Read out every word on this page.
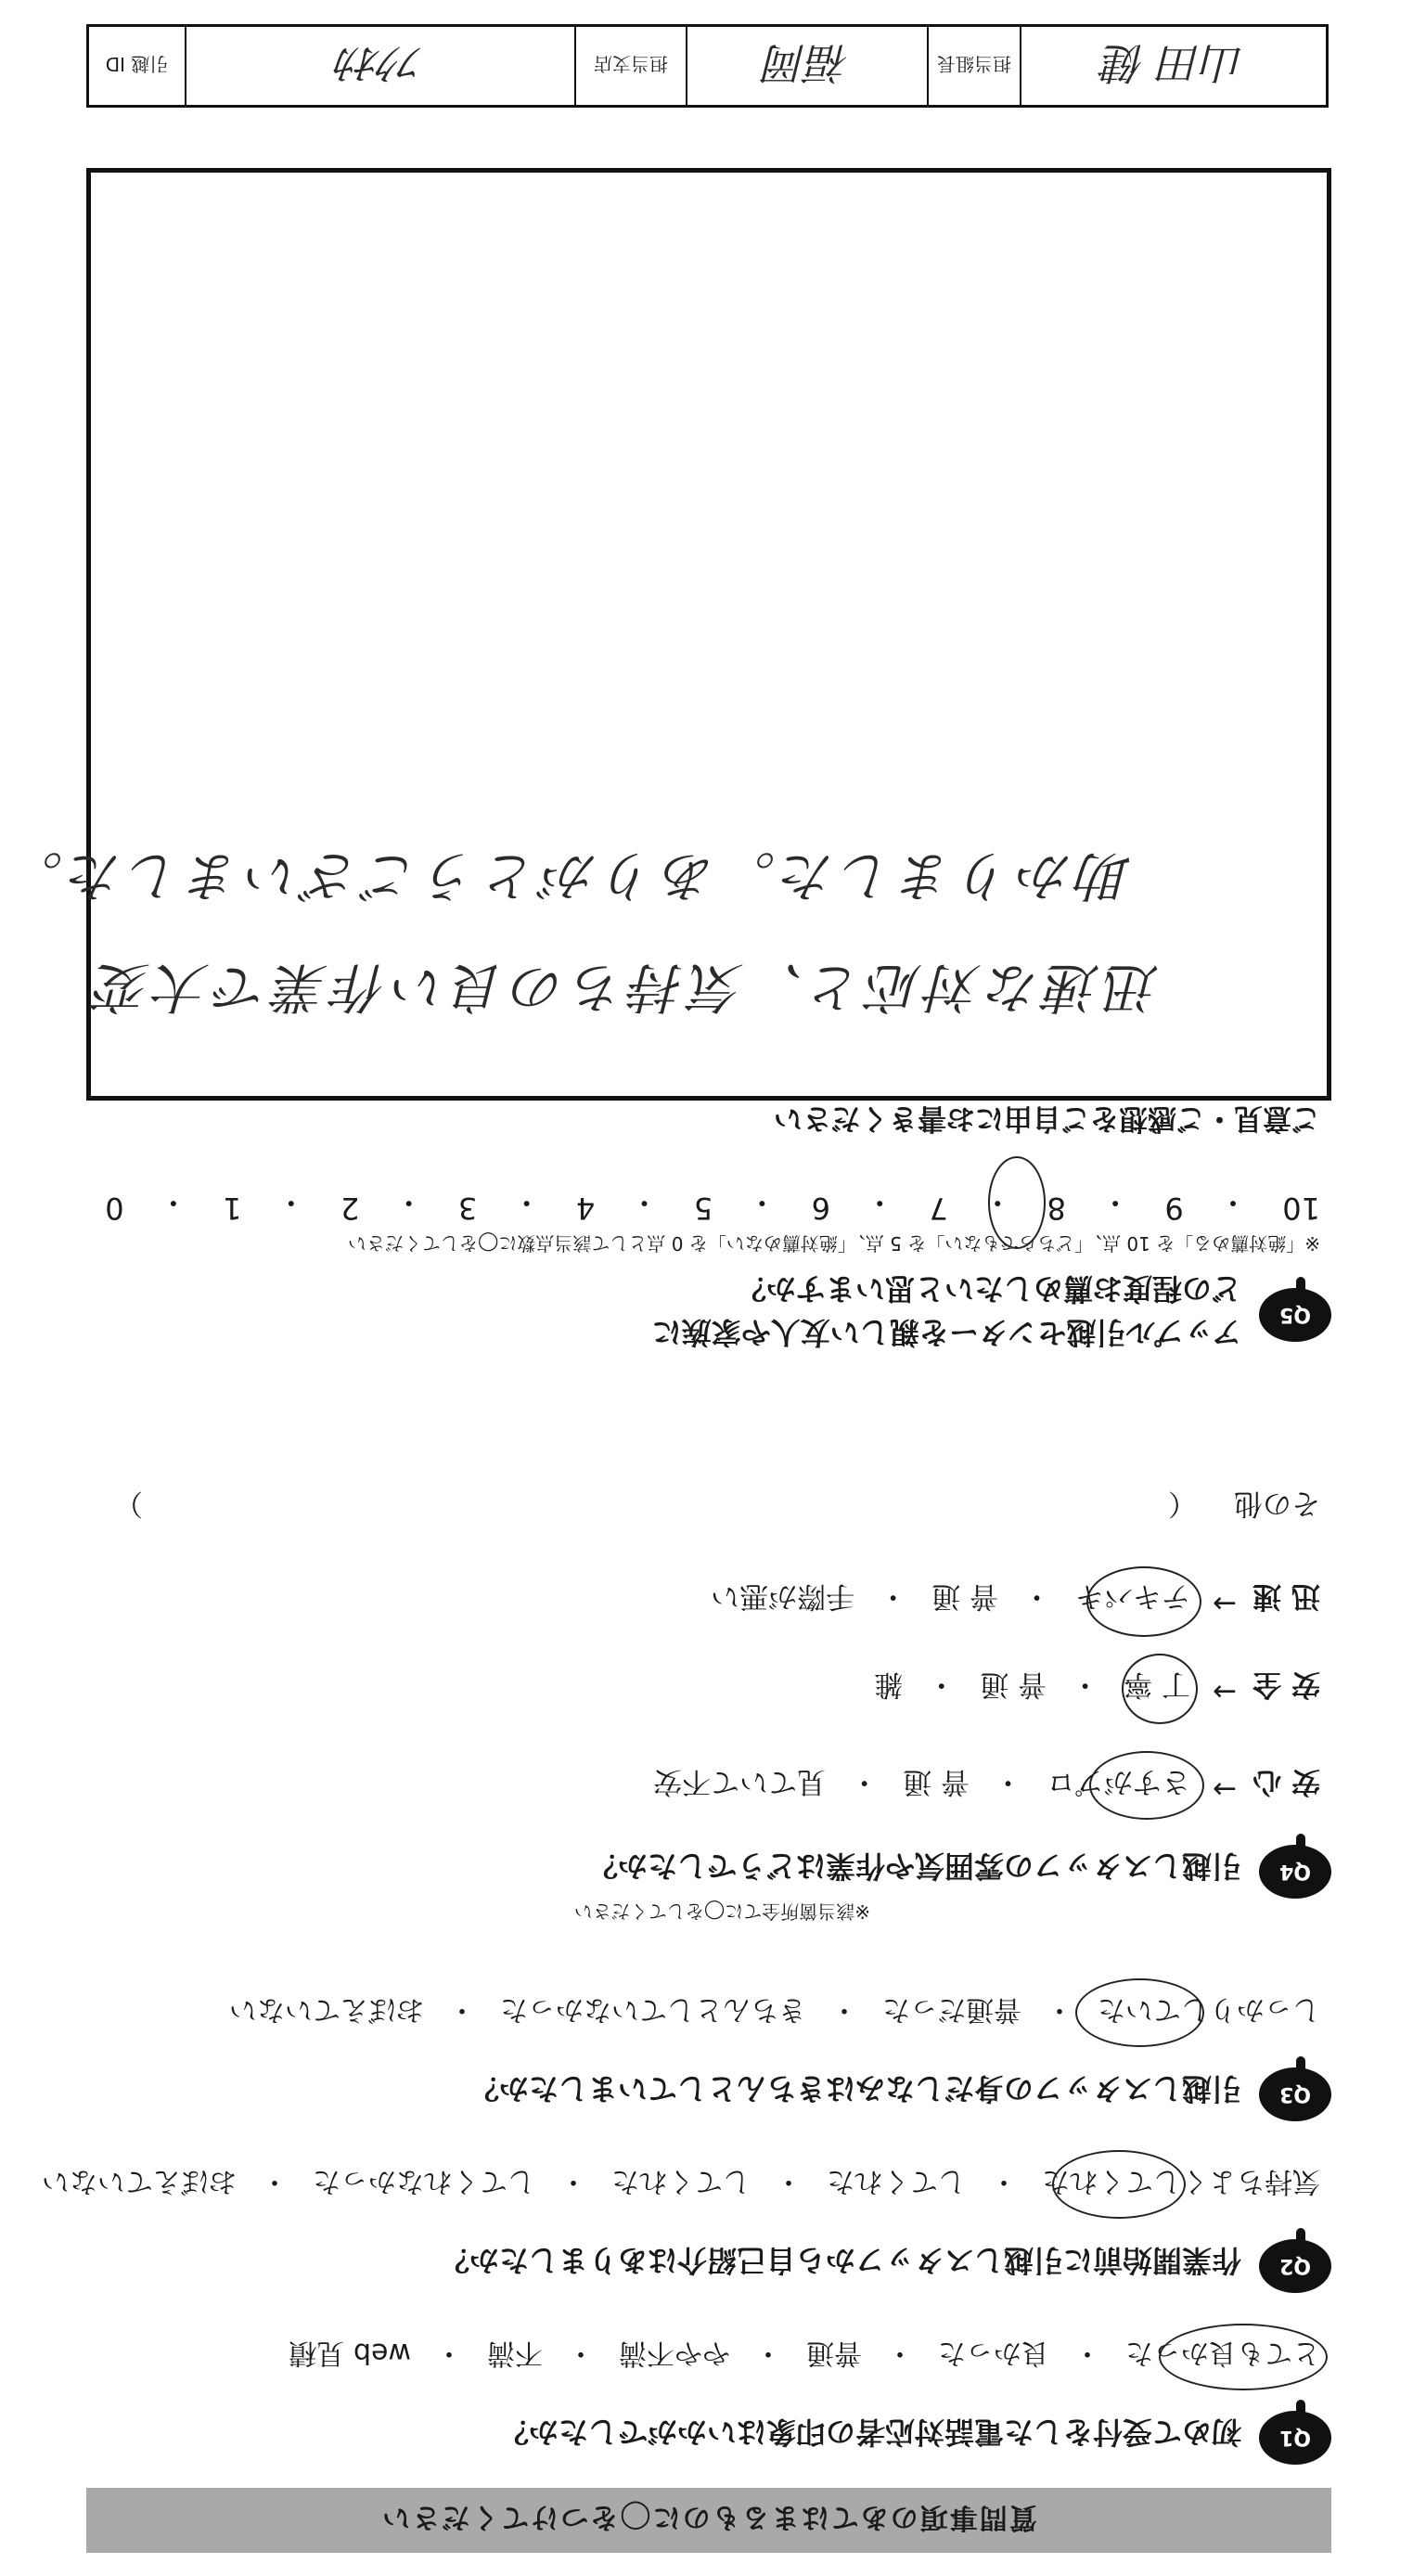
質問事項のあてはまるものに◯をつけてください
Q1
初めて受付をした電話対応者の印象はいかがでしたか？
とても良かった
・
良かった
・
普通
・
やや不満
・
不満
・
web 見積
Q2
作業開始前に引越しスタッフから自己紹介はありましたか？
気持ちよくしてくれた
・
してくれた
・
してくれた
・
してくれなかった
・
おぼえていない
Q3
引越しスタッフの身だしなみはきちんとしていましたか？
しっかりしていた
・
普通だった
・
きちんとしていなかった
・
おぼえていない
Q4
引越しスタッフの雰囲気や作業はどうでしたか？
※該当箇所全てに◯をしてください
安 心
→
さすがプロ
・
普 通
・
見ていて不安
安 全
→
丁 寧
・
普 通
・
雑
迅 速
→
テキパキ
・
普 通
・
手際が悪い
その他
（
）
Q5
アップル引越センターを親しい友人や家族に
どの程度お薦めしたいと思いますか？
※「絶対薦める」を 10 点、「どちらでもない」を 5 点、「絶対薦めない」を 0 点として該当点数に◯をしてください
10
・
9
・
8
・
7
・
6
・
5
・
4
・
3
・
2
・
1
・
0
ご意見・ご感想をご自由にお書きください
迅速な対応と、気持ちの良い作業で大変
助かりました。ありがとうございました。
山田 健
担当組長
福岡
担当支店
ﾌｸｵｶ
引越 ID
